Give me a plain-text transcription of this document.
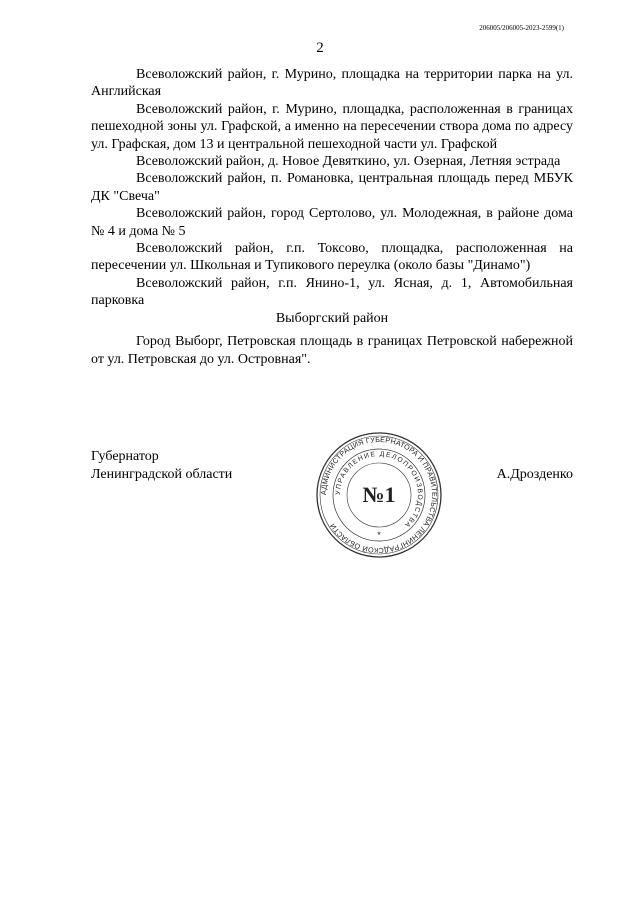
206005/206005-2023-2599(1)
2

Всеволожский район, г. Мурино, площадка на территории парка на ул. Английская

Всеволожский район, г. Мурино, площадка, расположенная в границах пешеходной зоны ул. Графской, а именно на пересечении створа дома по адресу ул. Графская, дом 13 и центральной пешеходной части ул. Графской

Всеволожский район, д. Новое Девяткино, ул. Озерная, Летняя эстрада

Всеволожский район, п. Романовка, центральная площадь перед МБУК ДК "Свеча"

Всеволожский район, город Сертолово, ул. Молодежная, в районе дома № 4 и дома № 5

Всеволожский район, г.п. Токсово, площадка, расположенная на пересечении ул. Школьная и Тупикового переулка (около базы "Динамо")

Всеволожский район, г.п. Янино-1, ул. Ясная, д. 1, Автомобильная парковка

Выборгский район

Город Выборг, Петровская площадь в границах Петровской набережной от ул. Петровская до ул. Островная".

Губернатор
Ленинградской области	А.Дрозденко
АДМИНИСТРАЦИЯ ГУБЕРНАТОРА И ПРАВИТЕЛЬСТВА ЛЕНИНГРАДСКОЙ ОБЛАСТИ
УПРАВЛЕНИЕ ДЕЛОПРОИЗВОДСТВА
№1
*
